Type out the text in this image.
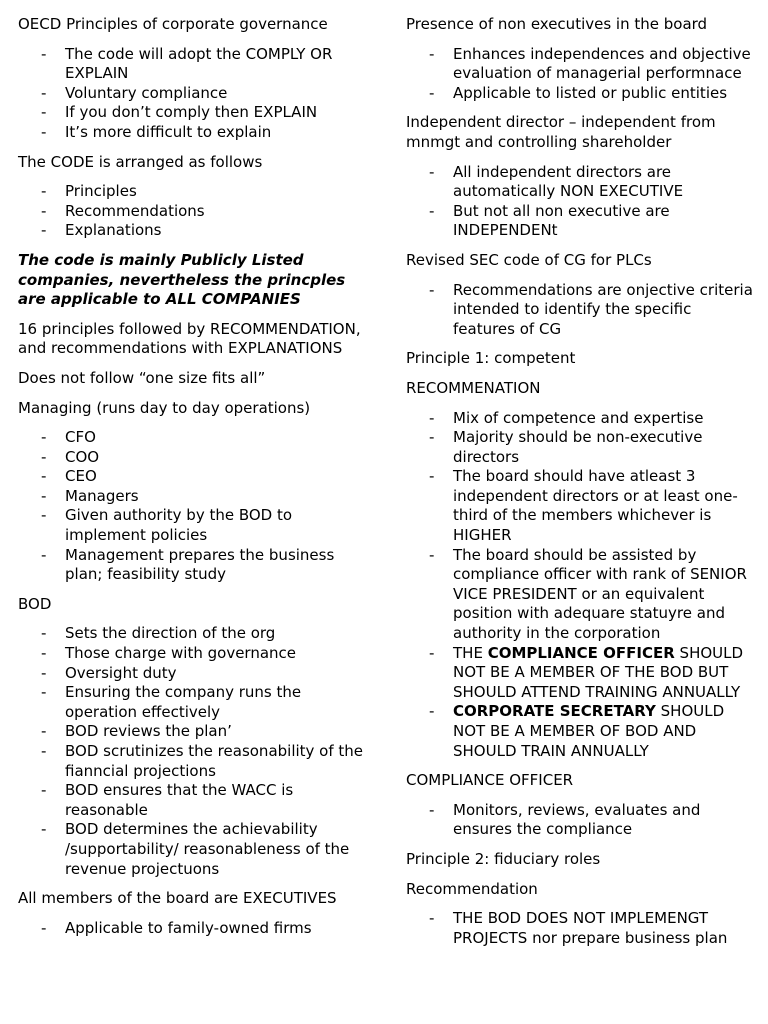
OECD Principles of corporate governance

- The code will adopt the COMPLY OR EXPLAIN
- Voluntary compliance
- If you don’t comply then EXPLAIN
- It’s more difficult to explain

The CODE is arranged as follows

- Principles
- Recommendations
- Explanations

The code is mainly Publicly Listed companies, nevertheless the princples are applicable to ALL COMPANIES

16 principles followed by RECOMMENDATION, and recommendations with EXPLANATIONS

Does not follow “one size fits all”

Managing (runs day to day operations)

- CFO
- COO
- CEO
- Managers
- Given authority by the BOD to implement policies
- Management prepares the business plan; feasibility study

BOD

- Sets the direction of the org
- Those charge with governance
- Oversight duty
- Ensuring the company runs the operation effectively
- BOD reviews the plan’
- BOD scrutinizes the reasonability of the fianncial projections
- BOD ensures that the WACC is reasonable
- BOD determines the achievability /supportability/ reasonableness of the revenue projectuons

All members of the board are EXECUTIVES

- Applicable to family-owned firms

Presence of non executives in the board

- Enhances independences and objective evaluation of managerial performnace
- Applicable to listed or public entities

Independent director – independent from mnmgt and controlling shareholder

- All independent directors are automatically NON EXECUTIVE
- But not all non executive are INDEPENDENt

Revised SEC code of CG for PLCs

- Recommendations are onjective criteria intended to identify the specific features of CG

Principle 1: competent

RECOMMENATION

- Mix of competence and expertise
- Majority should be non-executive directors
- The board should have atleast 3 independent directors or at least one-third of the members whichever is HIGHER
- The board should be assisted by compliance officer with rank of SENIOR VICE PRESIDENT or an equivalent position with adequare statuyre and authority in the corporation
- THE COMPLIANCE OFFICER SHOULD NOT BE A MEMBER OF THE BOD BUT SHOULD ATTEND TRAINING ANNUALLY
- CORPORATE SECRETARY SHOULD NOT BE A MEMBER OF BOD AND SHOULD TRAIN ANNUALLY

COMPLIANCE OFFICER

- Monitors, reviews, evaluates and ensures the compliance

Principle 2: fiduciary roles

Recommendation

- THE BOD DOES NOT IMPLEMENGT PROJECTS nor prepare business plan
